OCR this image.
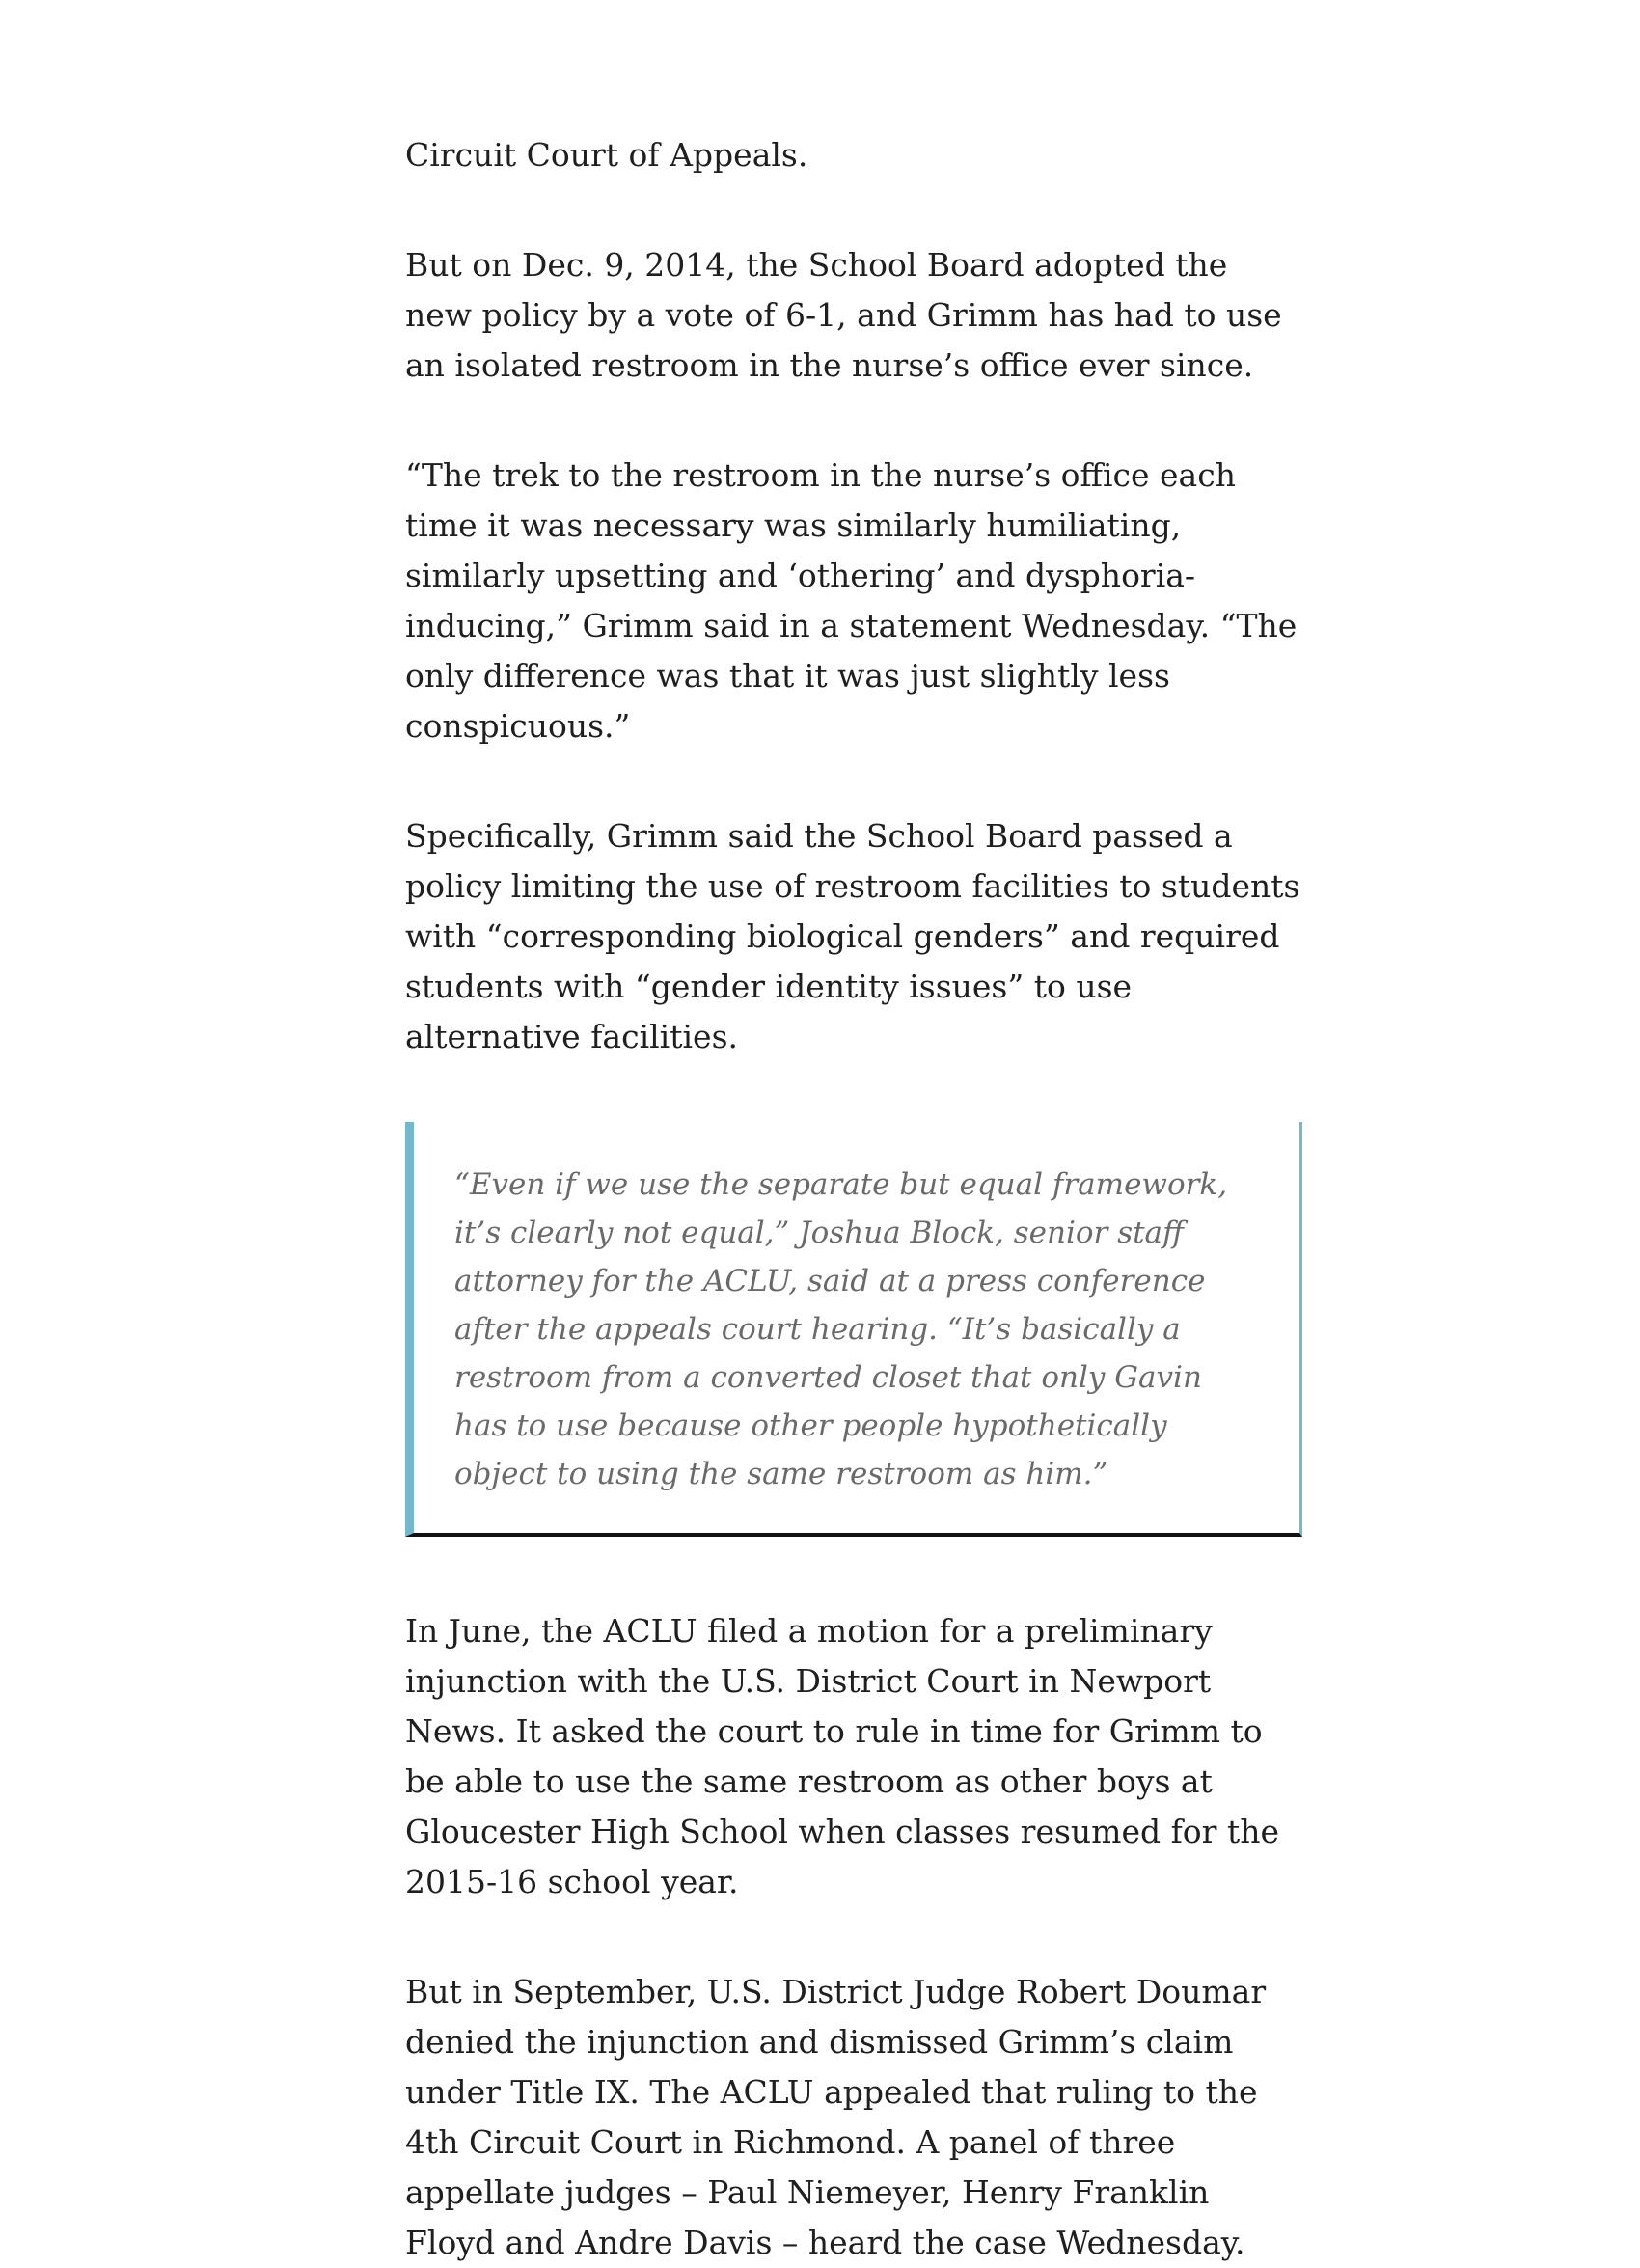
Circuit Court of Appeals.

But on Dec. 9, 2014, the School Board adopted the new policy by a vote of 6-1, and Grimm has had to use an isolated restroom in the nurse’s office ever since.

“The trek to the restroom in the nurse’s office each time it was necessary was similarly humiliating, similarly upsetting and ‘othering’ and dysphoria-inducing,” Grimm said in a statement Wednesday. “The only difference was that it was just slightly less conspicuous.”

Specifically, Grimm said the School Board passed a policy limiting the use of restroom facilities to students with “corresponding biological genders” and required students with “gender identity issues” to use alternative facilities.

“Even if we use the separate but equal framework, it’s clearly not equal,” Joshua Block, senior staff attorney for the ACLU, said at a press conference after the appeals court hearing. “It’s basically a restroom from a converted closet that only Gavin has to use because other people hypothetically object to using the same restroom as him.”

In June, the ACLU filed a motion for a preliminary injunction with the U.S. District Court in Newport News. It asked the court to rule in time for Grimm to be able to use the same restroom as other boys at Gloucester High School when classes resumed for the 2015-16 school year.

But in September, U.S. District Judge Robert Doumar denied the injunction and dismissed Grimm’s claim under Title IX. The ACLU appealed that ruling to the 4th Circuit Court in Richmond. A panel of three appellate judges – Paul Niemeyer, Henry Franklin Floyd and Andre Davis – heard the case Wednesday.
